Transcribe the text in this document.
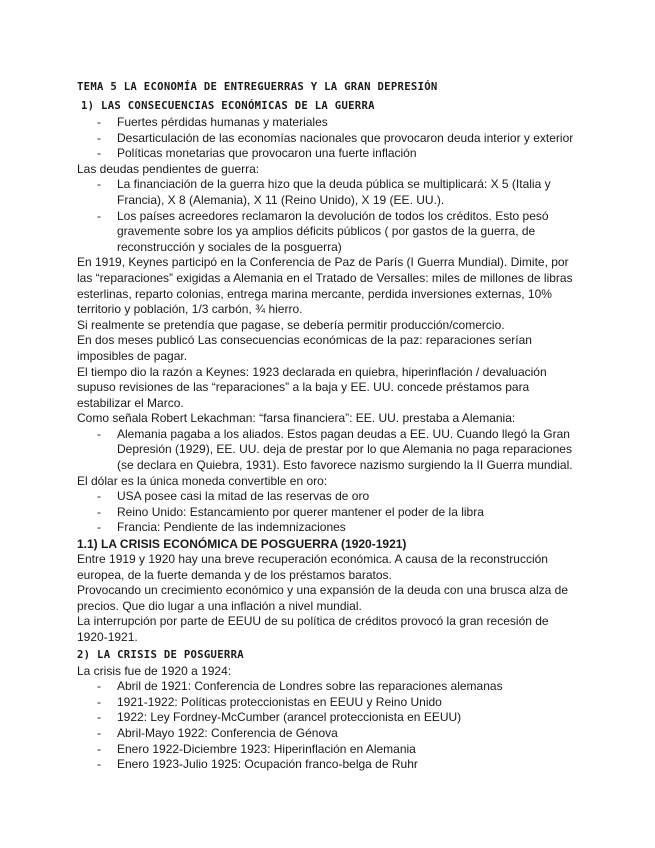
TEMA 5 LA ECONOMÍA DE ENTREGUERRAS Y LA GRAN DEPRESIÓN
1) LAS CONSECUENCIAS ECONÓMICAS DE LA GUERRA
- Fuertes pérdidas humanas y materiales
- Desarticulación de las economías nacionales que provocaron deuda interior y exterior
- Políticas monetarias que provocaron una fuerte inflación

Las deudas pendientes de guerra:

- La financiación de la guerra hizo que la deuda pública se multiplicará: X 5 (Italia y Francia), X 8 (Alemania), X 11 (Reino Unido), X 19 (EE. UU.).
- Los países acreedores reclamaron la devolución de todos los créditos. Esto pesó gravemente sobre los ya amplios déficits públicos ( por gastos de la guerra, de reconstrucción y sociales de la posguerra)

En 1919, Keynes participó en la Conferencia de Paz de París (I Guerra Mundial). Dimite, por las “reparaciones” exigidas a Alemania en el Tratado de Versalles: miles de millones de libras esterlinas, reparto colonias, entrega marina mercante, perdida inversiones externas, 10% territorio y población, 1/3 carbón, ¾ hierro.

Si realmente se pretendía que pagase, se debería permitir producción/comercio.

En dos meses publicó Las consecuencias económicas de la paz: reparaciones serían imposibles de pagar.

El tiempo dio la razón a Keynes: 1923 declarada en quiebra, hiperinflación / devaluación supuso revisiones de las “reparaciones” a la baja y EE. UU. concede préstamos para estabilizar el Marco.

Como señala Robert Lekachman: “farsa financiera”: EE. UU. prestaba a Alemania:

- Alemania pagaba a los aliados. Estos pagan deudas a EE. UU. Cuando llegó la Gran Depresión (1929), EE. UU. deja de prestar por lo que Alemania no paga reparaciones (se declara en Quiebra, 1931). Esto favorece nazismo surgiendo la II Guerra mundial.

El dólar es la única moneda convertible en oro:

- USA posee casi la mitad de las reservas de oro
- Reino Unido: Estancamiento por querer mantener el poder de la libra
- Francia: Pendiente de las indemnizaciones
1.1) LA CRISIS ECONÓMICA DE POSGUERRA (1920-1921)

Entre 1919 y 1920 hay una breve recuperación económica. A causa de la reconstrucción europea, de la fuerte demanda y de los préstamos baratos.

Provocando un crecimiento económico y una expansión de la deuda con una brusca alza de precios. Que dio lugar a una inflación a nivel mundial.

La interrupción por parte de EEUU de su política de créditos provocó la gran recesión de 1920-1921.

2) LA CRISIS DE POSGUERRA

La crisis fue de 1920 a 1924:

- Abril de 1921: Conferencia de Londres sobre las reparaciones alemanas
- 1921-1922: Políticas proteccionistas en EEUU y Reino Unido
- 1922: Ley Fordney-McCumber (arancel proteccionista en EEUU)
- Abril-Mayo 1922: Conferencia de Génova
- Enero 1922-Diciembre 1923: Hiperinflación en Alemania
- Enero 1923-Julio 1925: Ocupación franco-belga de Ruhr
